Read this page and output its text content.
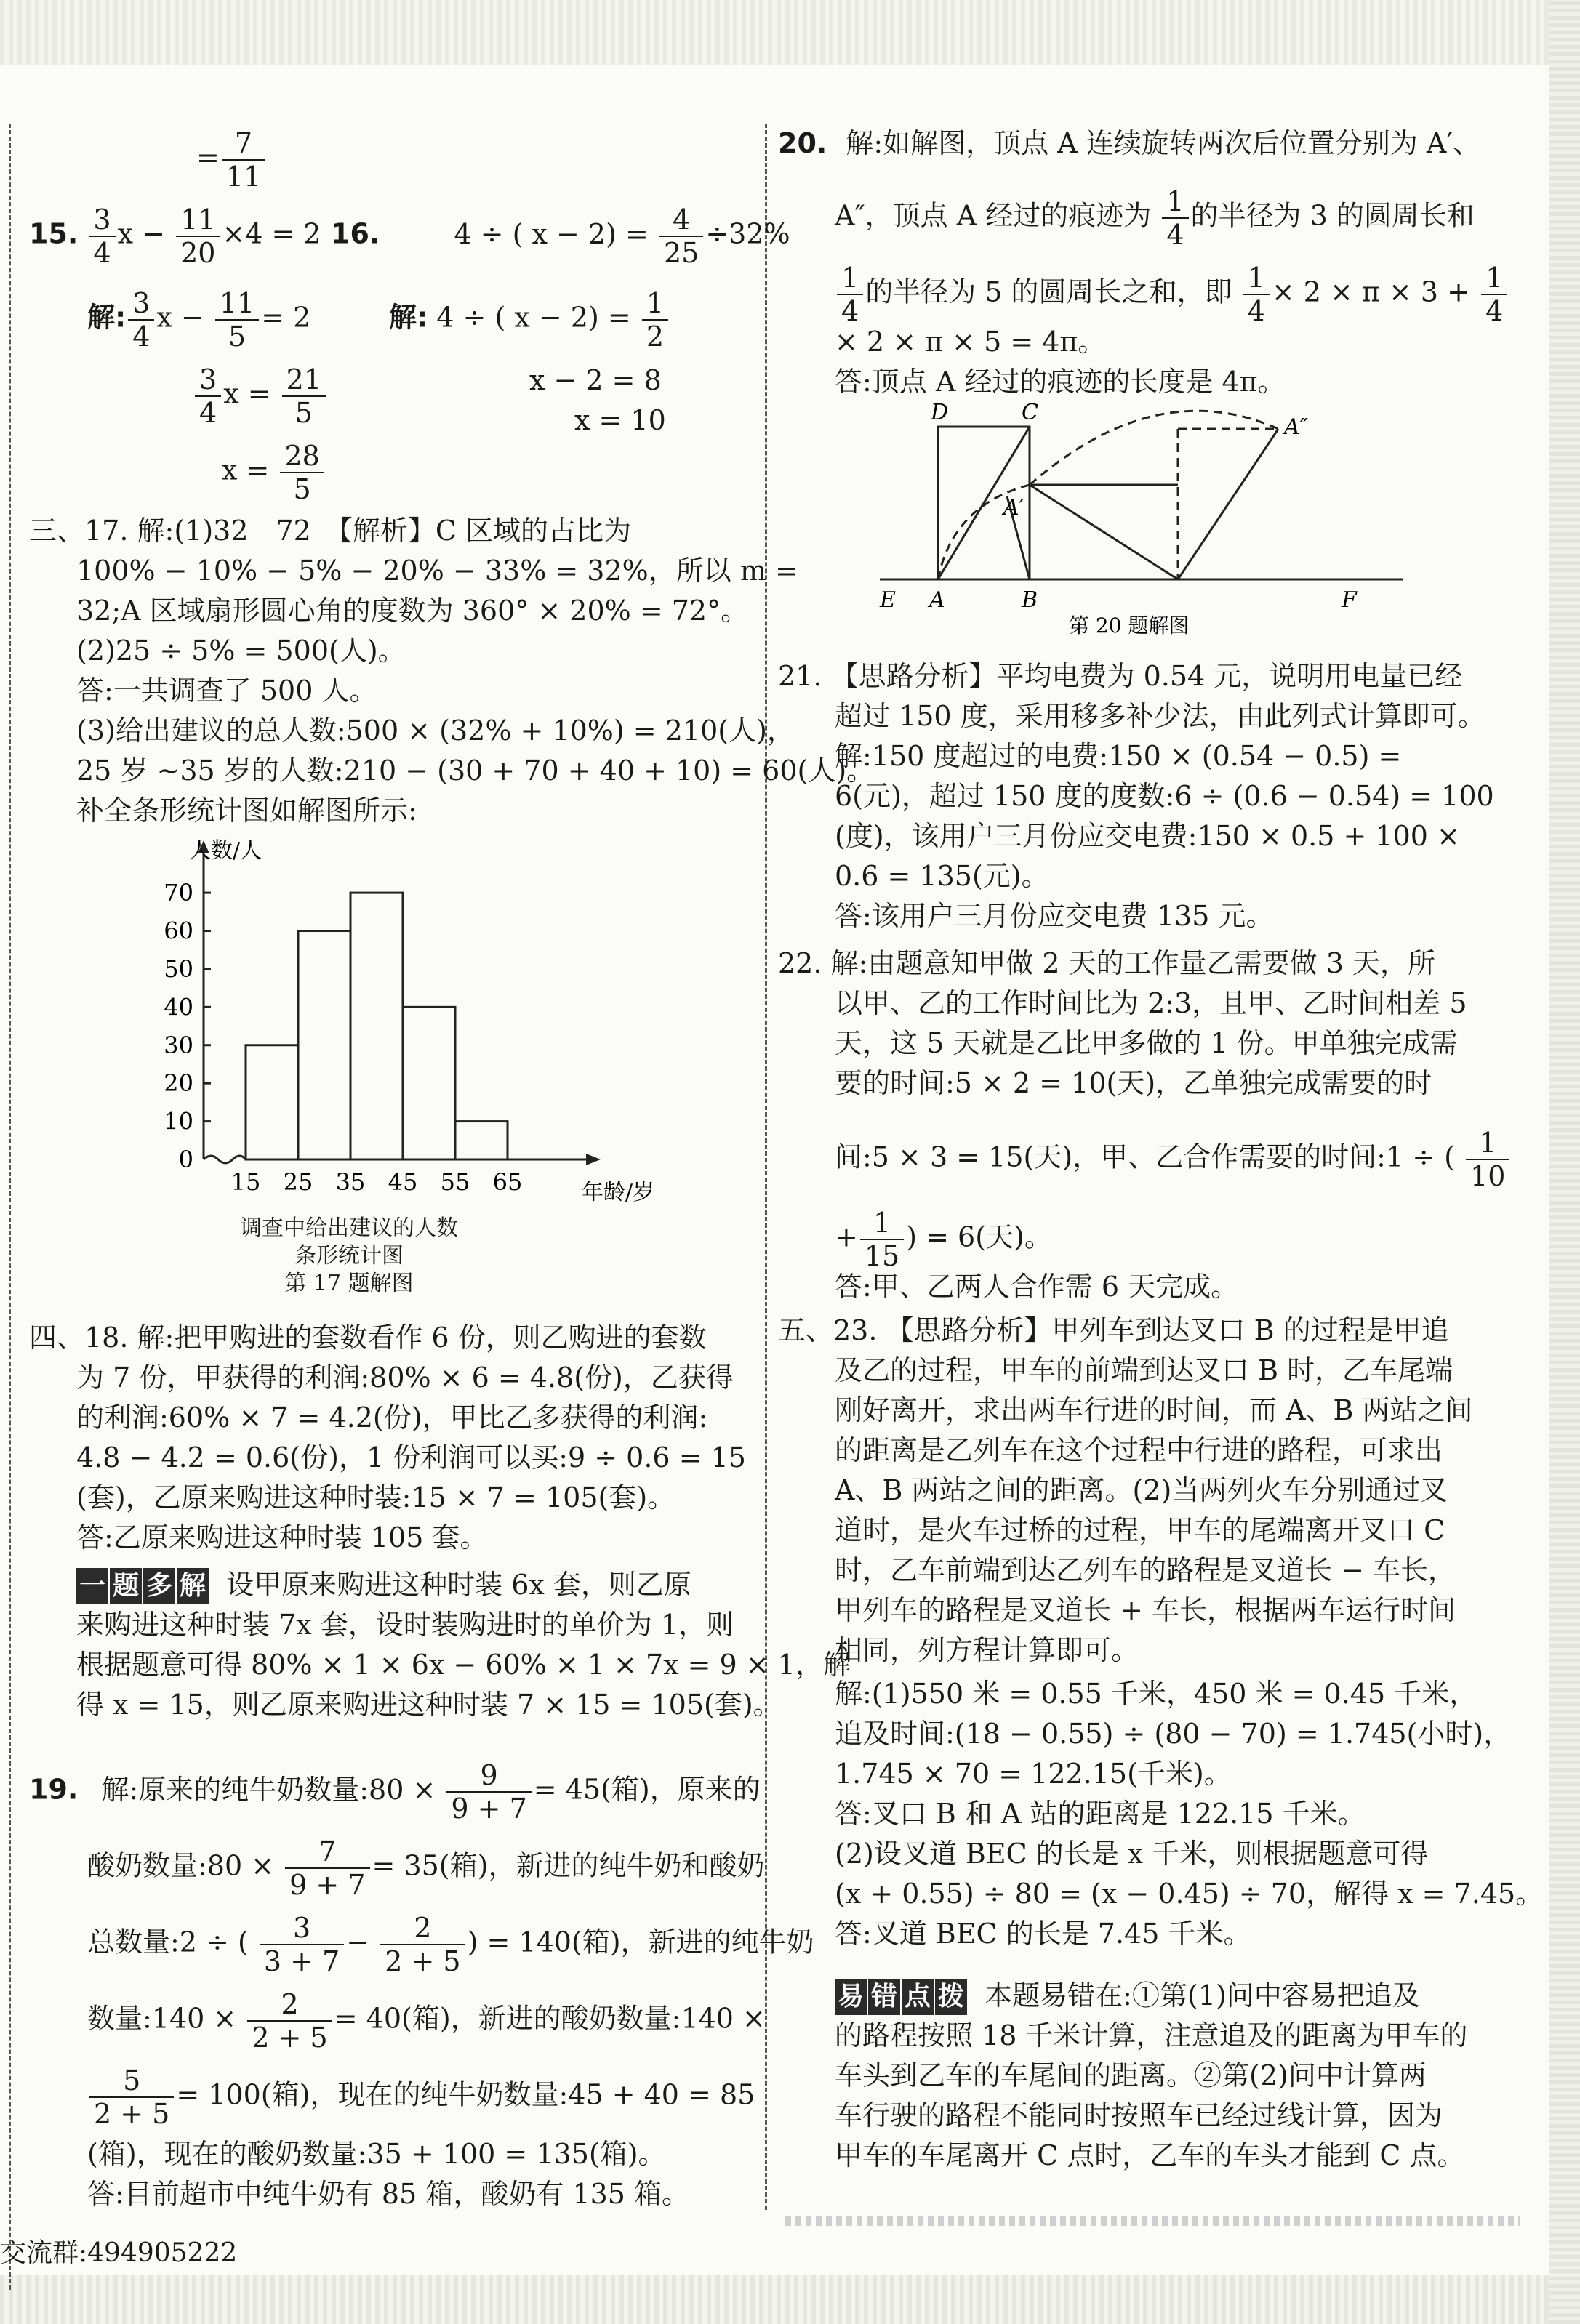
= $\frac{7}{11}$
15. $\frac{3}{4}$ $x - \frac{11}{20} \times 4 = 2$ 16.	4 ÷ ( $x - 2) = \frac{4}{25} \div 32\%$
解: $\frac{3}{4}$ $x - \frac{11}{5} = 2$	解: 4 ÷ ( $x - 2) = \frac{1}{2}$
$\frac{3}{4}$ $x = \frac{21}{5}$	x − 2 = 8
x = 10
$x = \frac{28}{5}$
三、17. 解:(1)32　72　【解析】C 区域的占比为
100% − 10% − 5% − 20% − 33% = 32%，所以 m =
32;A 区域扇形圆心角的度数为 360° × 20% = 72°。
(2)25 ÷ 5% = 500(人)。
答:一共调查了 500 人。
(3)给出建议的总人数:500 × (32% + 10%) = 210(人)，
25 岁 ~35 岁的人数:210 − (30 + 70 + 40 + 10) = 60(人)。
补全条形统计图如解图所示:
0
10
20
30
40
50
60
70
15 25 35 45 55 65
人数/人
年龄/岁
调查中给出建议的人数
条形统计图
第 17 题解图
四、18. 解:把甲购进的套数看作 6 份，则乙购进的套数
为 7 份，甲获得的利润:80% × 6 = 4.8(份)，乙获得
的利润:60% × 7 = 4.2(份)，甲比乙多获得的利润:
4.8 − 4.2 = 0.6(份)，1 份利润可以买:9 ÷ 0.6 = 15
(套)，乙原来购进这种时装:15 × 7 = 105(套)。
答:乙原来购进这种时装 105 套。
一 题 多 解 设甲原来购进这种时装 6x 套，则乙原
来购进这种时装 7x 套，设时装购进时的单价为 1，则
根据题意可得 80% × 1 × 6x − 60% × 1 × 7x = 9 × 1，解
得 x = 15，则乙原来购进这种时装 7 × 15 = 105(套)。
19. 解:原来的纯牛奶数量:80 × $\frac{9}{9 + 7} = 45$(箱)，原来的
酸奶数量:80 × $\frac{7}{9 + 7} = 35$(箱)，新进的纯牛奶和酸奶
总数量:2 ÷ ( $\frac{3}{3 + 7} - \frac{2}{2 + 5}$ ) = 140(箱)，新进的纯牛奶
数量:140 × $\frac{2}{2 + 5} = 40$(箱)，新进的酸奶数量:140 ×
$\frac{5}{2 + 5} = 100$(箱)，现在的纯牛奶数量:45 + 40 = 85
(箱)，现在的酸奶数量:35 + 100 = 135(箱)。
答:目前超市中纯牛奶有 85 箱，酸奶有 135 箱。
交流群:494905222
20. 解:如解图，顶点 A 连续旋转两次后位置分别为 A′、
A″，顶点 A 经过的痕迹为 $\frac{1}{4}$ 的半径为 3 的圆周长和
$\frac{1}{4}$ 的半径为 5 的圆周长之和，即 $\frac{1}{4} \times 2 \times \pi \times 3 + \frac{1}{4}$
× 2 × π × 5 = 4π。
答:顶点 A 经过的痕迹的长度是 4π。
D	C
A″
A′
E A	B	F
第 20 题解图
21. 【思路分析】平均电费为 0.54 元，说明用电量已经
超过 150 度，采用移多补少法，由此列式计算即可。
解:150 度超过的电费:150 × (0.54 − 0.5) =
6(元)，超过 150 度的度数:6 ÷ (0.6 − 0.54) = 100
(度)，该用户三月份应交电费:150 × 0.5 + 100 ×
0.6 = 135(元)。
答:该用户三月份应交电费 135 元。
22. 解:由题意知甲做 2 天的工作量乙需要做 3 天，所
以甲、乙的工作时间比为 2:3，且甲、乙时间相差 5
天，这 5 天就是乙比甲多做的 1 份。甲单独完成需
要的时间:5 × 2 = 10(天)，乙单独完成需要的时
间:5 × 3 = 15(天)，甲、乙合作需要的时间:1 ÷ ( $\frac{1}{10}$
+ $\frac{1}{15}$ ) = 6(天)。
答:甲、乙两人合作需 6 天完成。
五、23. 【思路分析】甲列车到达叉口 B 的过程是甲追
及乙的过程，甲车的前端到达叉口 B 时，乙车尾端
刚好离开，求出两车行进的时间，而 A、B 两站之间
的距离是乙列车在这个过程中行进的路程，可求出
A、B 两站之间的距离。(2)当两列火车分别通过叉
道时，是火车过桥的过程，甲车的尾端离开叉口 C
时，乙车前端到达乙列车的路程是叉道长 − 车长，
甲列车的路程是叉道长 + 车长，根据两车运行时间
相同，列方程计算即可。
解:(1)550 米 = 0.55 千米，450 米 = 0.45 千米，
追及时间:(18 − 0.55) ÷ (80 − 70) = 1.745(小时)，
1.745 × 70 = 122.15(千米)。
答:叉口 B 和 A 站的距离是 122.15 千米。
(2)设叉道 BEC 的长是 x 千米，则根据题意可得
(x + 0.55) ÷ 80 = (x − 0.45) ÷ 70，解得 x = 7.45。
答:叉道 BEC 的长是 7.45 千米。
易 错 点 拨 本题易错在:①第(1)问中容易把追及
的路程按照 18 千米计算，注意追及的距离为甲车的
车头到乙车的车尾间的距离。②第(2)问中计算两
车行驶的路程不能同时按照车已经过线计算，因为
甲车的车尾离开 C 点时，乙车的车头才能到 C 点。
